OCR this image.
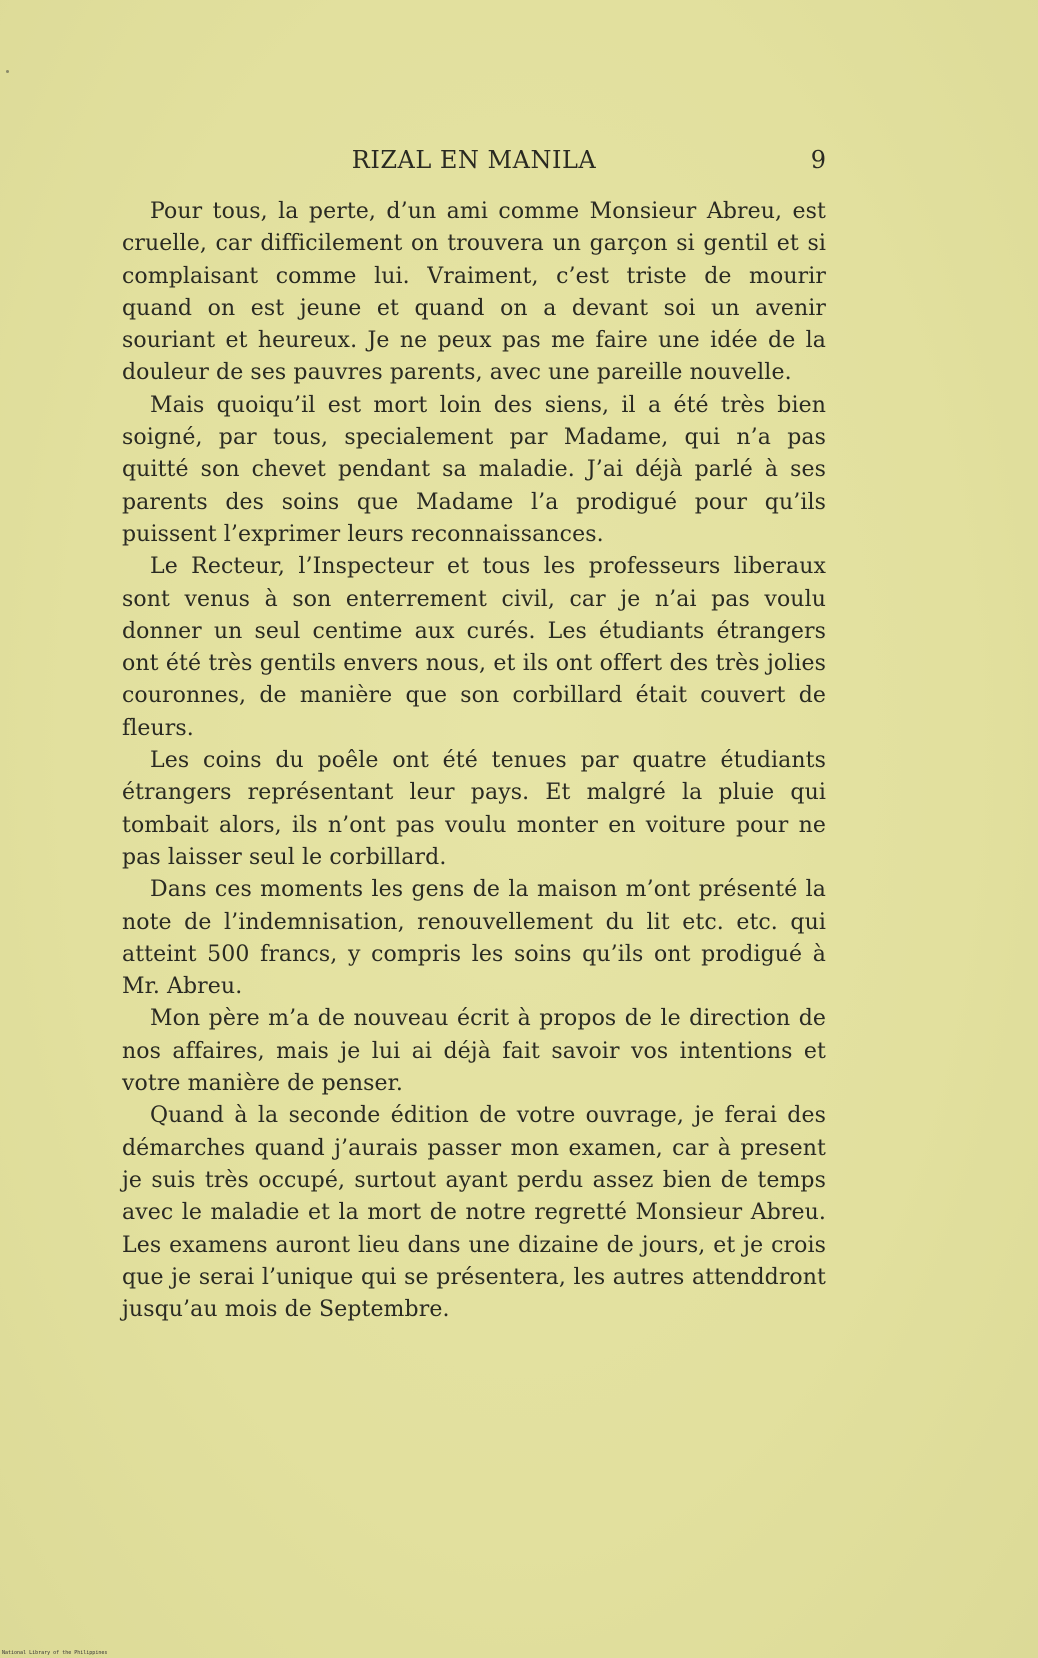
RIZAL EN MANILA	9

Pour tous, la perte, d’un ami comme Monsieur Abreu, est cruelle, car difficilement on trouvera un garçon si gentil et si complaisant comme lui. Vraiment, c’est triste de mourir quand on est jeune et quand on a devant soi un avenir souriant et heureux. Je ne peux pas me faire une idée de la douleur de ses pauvres parents, avec une pareille nouvelle.

Mais quoiqu’il est mort loin des siens, il a été très bien soigné, par tous, specialement par Madame, qui n’a pas quitté son chevet pendant sa maladie. J’ai déjà parlé à ses parents des soins que Madame l’a prodigué pour qu’ils puissent l’exprimer leurs reconnaissances.

Le Recteur, l’Inspecteur et tous les professeurs liberaux sont venus à son enterrement civil, car je n’ai pas voulu donner un seul centime aux curés. Les étudiants étrangers ont été très gentils envers nous, et ils ont offert des très jolies couronnes, de manière que son corbillard était couvert de fleurs.

Les coins du poêle ont été tenues par quatre étudiants étrangers représentant leur pays. Et malgré la pluie qui tombait alors, ils n’ont pas voulu monter en voiture pour ne pas laisser seul le corbillard.

Dans ces moments les gens de la maison m’ont présenté la note de l’indemnisation, renouvellement du lit etc. etc. qui atteint 500 francs, y compris les soins qu’ils ont prodigué à Mr. Abreu.

Mon père m’a de nouveau écrit à propos de le direction de nos affaires, mais je lui ai déjà fait savoir vos intentions et votre manière de penser.

Quand à la seconde édition de votre ouvrage, je ferai des démarches quand j’aurais passer mon examen, car à present je suis très occupé, surtout ayant perdu assez bien de temps avec le maladie et la mort de notre regretté Monsieur Abreu. Les examens auront lieu dans une dizaine de jours, et je crois que je serai l’unique qui se présentera, les autres attenddront jusqu’au mois de Septembre.

National Library of the Philippines
